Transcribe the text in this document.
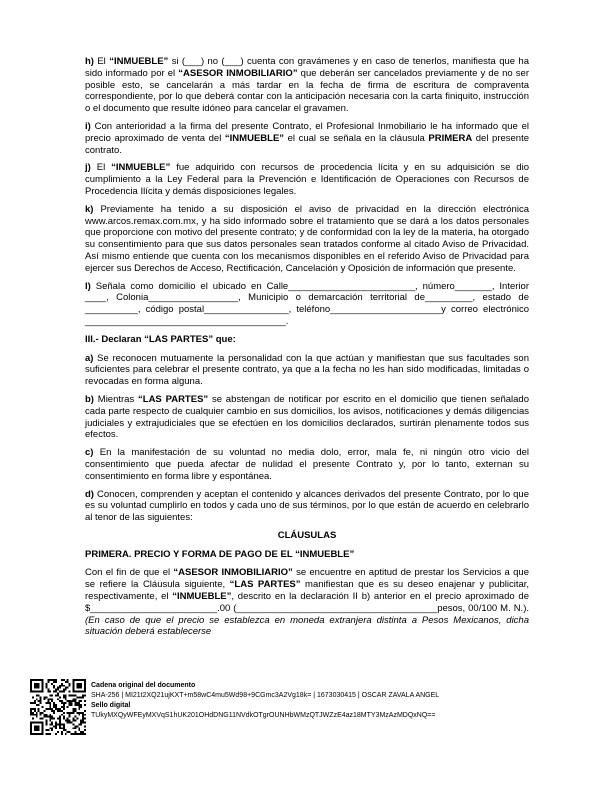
h) El “INMUEBLE” si (___) no (___) cuenta con gravámenes y en caso de tenerlos, manifiesta que ha sido informado por el “ASESOR INMOBILIARIO” que deberán ser cancelados previamente y de no ser posible esto, se cancelarán a más tardar en la fecha de firma de escritura de compraventa correspondiente, por lo que deberá contar con la anticipación necesaria con la carta finiquito, instrucción o el documento que resulte idóneo para cancelar el gravamen.
i) Con anterioridad a la firma del presente Contrato, el Profesional Inmobiliario le ha informado que el precio aproximado de venta del “INMUEBLE” el cual se señala en la cláusula PRIMERA del presente contrato.
j) El “INMUEBLE” fue adquirido con recursos de procedencia lícita y en su adquisición se dio cumplimiento a la Ley Federal para la Prevención e Identificación de Operaciones con Recursos de Procedencia Ilícita y demás disposiciones legales.
k) Previamente ha tenido a su disposición el aviso de privacidad en la dirección electrónica www.arcos.remax.com.mx, y ha sido informado sobre el tratamiento que se dará a los datos personales que proporcione con motivo del presente contrato; y de conformidad con la ley de la materia, ha otorgado su consentimiento para que sus datos personales sean tratados conforme al citado Aviso de Privacidad. Así mismo entiende que cuenta con los mecanismos disponibles en el referido Aviso de Privacidad para ejercer sus Derechos de Acceso, Rectificación, Cancelación y Oposición de información que presente.
l) Señala como domicilio el ubicado en Calle________________________, número_______, Interior ____, Colonia_________________, Municipio o demarcación territorial de_________, estado de __________, código postal________________, teléfono_____________________y correo electrónico ______________________________________.
III.- Declaran “LAS PARTES” que:
a) Se reconocen mutuamente la personalidad con la que actúan y manifiestan que sus facultades son suficientes para celebrar el presente contrato, ya que a la fecha no les han sido modificadas, limitadas o revocadas en forma alguna.
b) Mientras “LAS PARTES” se abstengan de notificar por escrito en el domicilio que tienen señalado cada parte respecto de cualquier cambio en sus domicilios, los avisos, notificaciones y demás diligencias judiciales y extrajudiciales que se efectúen en los domicilios declarados, surtirán plenamente todos sus efectos.
c) En la manifestación de su voluntad no media dolo, error, mala fe, ni ningún otro vicio del consentimiento que pueda afectar de nulidad el presente Contrato y, por lo tanto, externan su consentimiento en forma libre y espontánea.
d) Conocen, comprenden y aceptan el contenido y alcances derivados del presente Contrato, por lo que es su voluntad cumplirlo en todos y cada uno de sus términos, por lo que están de acuerdo en celebrarlo al tenor de las siguientes:
CLÁUSULAS
PRIMERA. PRECIO Y FORMA DE PAGO DE EL “INMUEBLE”
Con el fin de que el “ASESOR INMOBILIARIO” se encuentre en aptitud de prestar los Servicios a que se refiere la Cláusula siguiente, “LAS PARTES” manifiestan que es su deseo enajenar y publicitar, respectivamente, el “INMUEBLE”, descrito en la declaración II b) anterior en el precio aproximado de $________________________.00 (______________________________________pesos, 00/100 M. N.). (En caso de que el precio se establezca en moneda extranjera distinta a Pesos Mexicanos, dicha situación deberá establecerse
Cadena original del documento
SHA-256 | MI21t2XQ21ujKXT+m58wC4mu5Wd98+9CGmc3A2Vg18k= | 1673030415 | OSCAR ZAVALA ANGEL
Sello digital
TUkyMXQyWFEyMXVqS1hUK201OHdDNG11NVdkOTgrOUNHbWMzQTJWZzE4az18MTY3MzAzMDQxNQ==
